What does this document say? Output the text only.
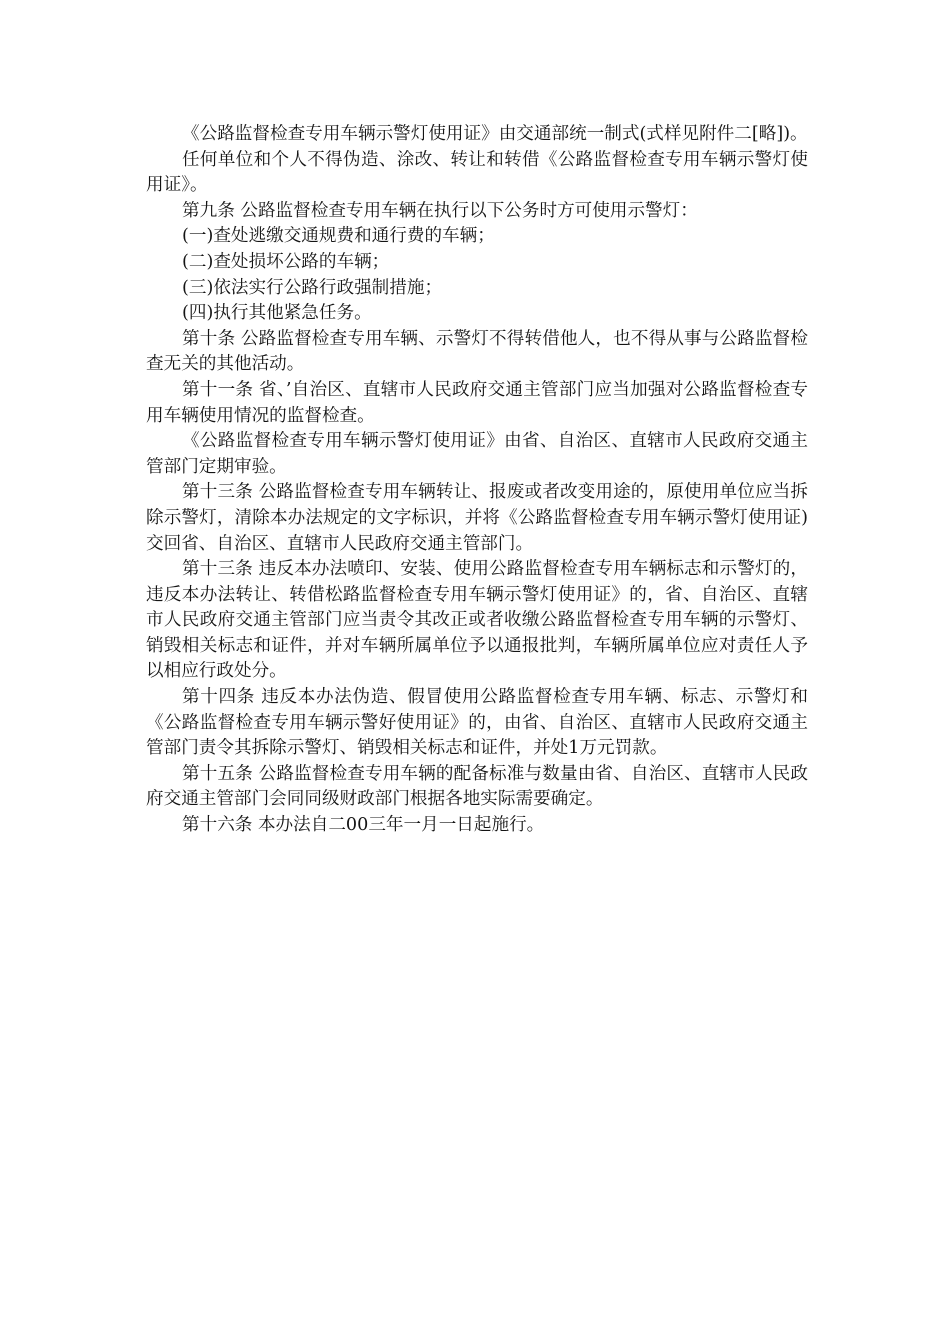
《公路监督检查专用车辆示警灯使用证》由交通部统一制式(式样见附件二[略])。

任何单位和个人不得伪造、涂改、转让和转借《公路监督检查专用车辆示警灯使用证》。

第九条 公路监督检查专用车辆在执行以下公务时方可使用示警灯：

(一)查处逃缴交通规费和通行费的车辆；

(二)查处损坏公路的车辆；

(三)依法实行公路行政强制措施；

(四)执行其他紧急任务。

第十条 公路监督检查专用车辆、示警灯不得转借他人，也不得从事与公路监督检查无关的其他活动。

第十一条 省、’自治区、直辖市人民政府交通主管部门应当加强对公路监督检查专用车辆使用情况的监督检查。

《公路监督检查专用车辆示警灯使用证》由省、自治区、直辖市人民政府交通主管部门定期审验。

第十三条 公路监督检查专用车辆转让、报废或者改变用途的，原使用单位应当拆除示警灯，清除本办法规定的文字标识，并将《公路监督检查专用车辆示警灯使用证)交回省、自治区、直辖市人民政府交通主管部门。

第十三条 违反本办法喷印、安装、使用公路监督检查专用车辆标志和示警灯的，违反本办法转让、转借松路监督检查专用车辆示警灯使用证》的，省、自治区、直辖市人民政府交通主管部门应当责令其改正或者收缴公路监督检查专用车辆的示警灯、销毁相关标志和证件，并对车辆所属单位予以通报批判，车辆所属单位应对责任人予以相应行政处分。

第十四条 违反本办法伪造、假冒使用公路监督检查专用车辆、标志、示警灯和《公路监督检查专用车辆示警好使用证》的，由省、自治区、直辖市人民政府交通主管部门责令其拆除示警灯、销毁相关标志和证件，并处1万元罚款。

第十五条 公路监督检查专用车辆的配备标准与数量由省、自治区、直辖市人民政府交通主管部门会同同级财政部门根据各地实际需要确定。

第十六条 本办法自二00三年一月一日起施行。
